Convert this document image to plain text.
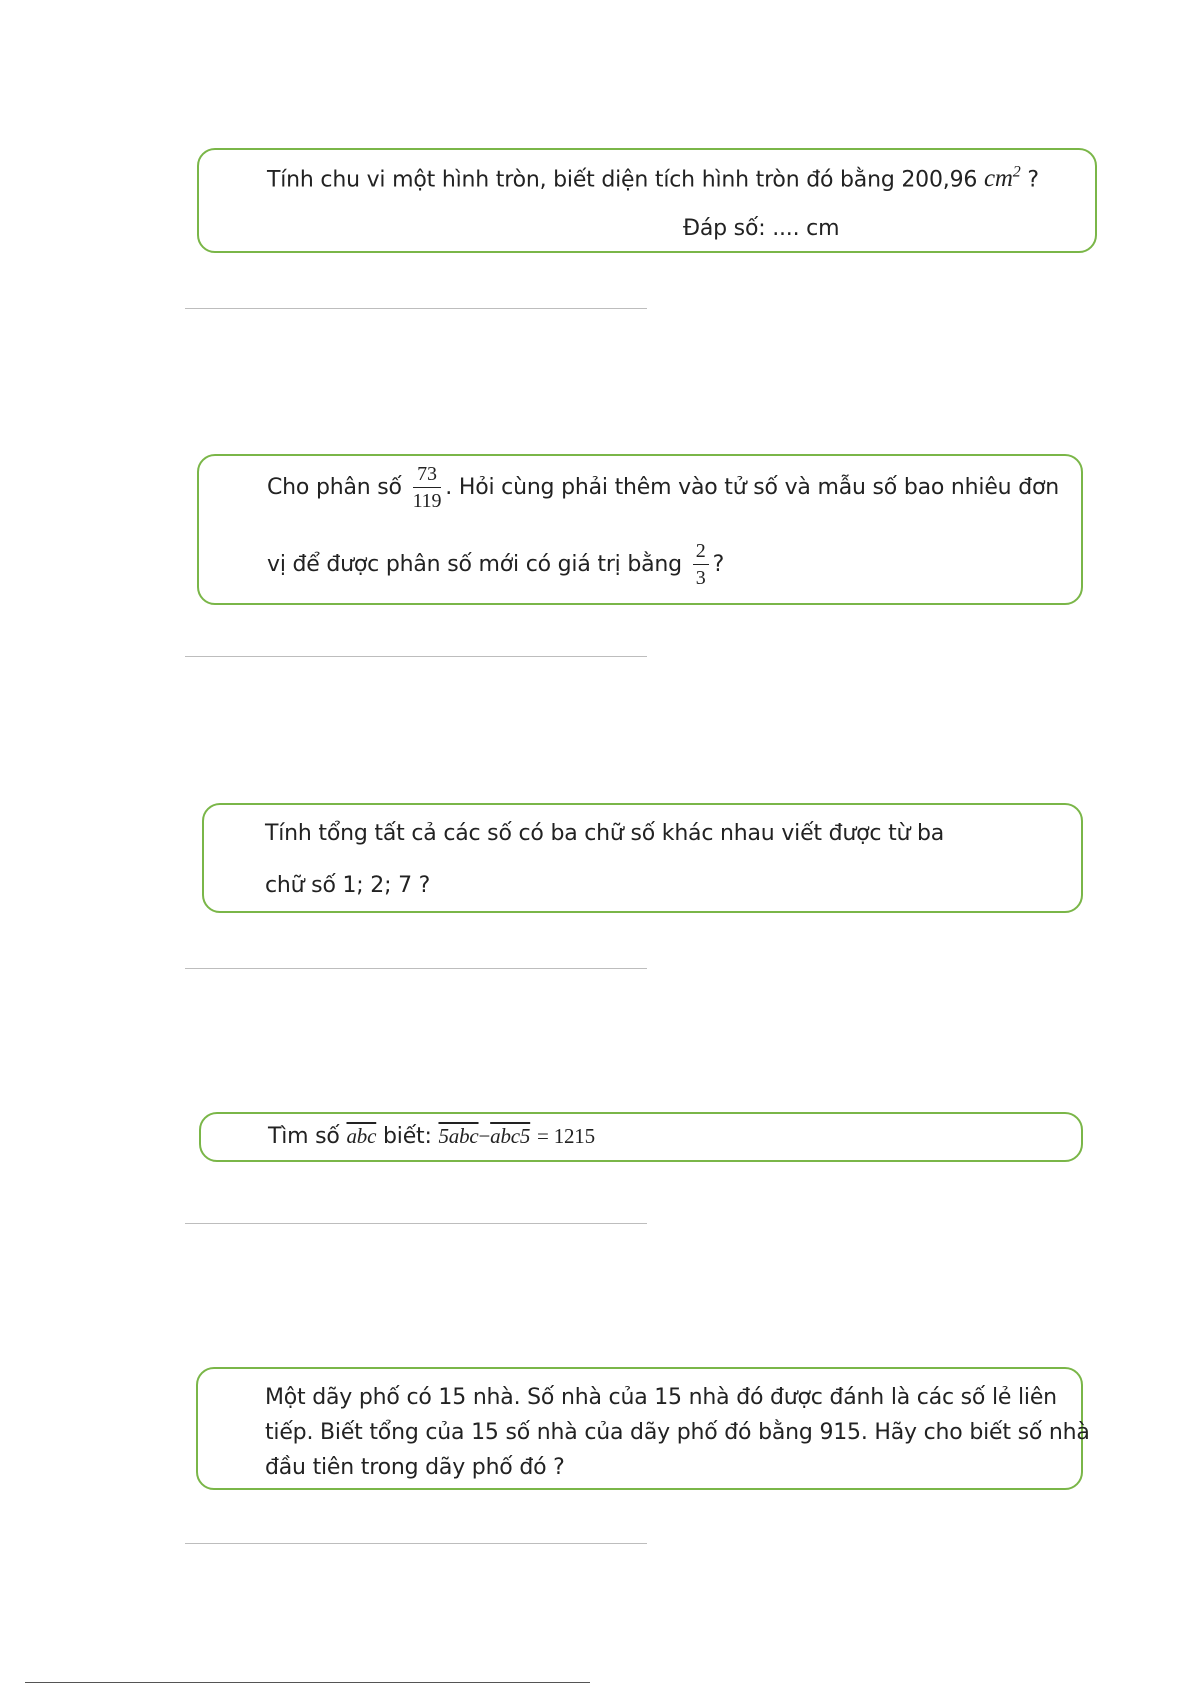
Tính chu vi một hình tròn, biết diện tích hình tròn đó bằng 200,96 $cm^2$ ?
Đáp số: .... cm
Cho phân số $\frac{73}{119}$ . Hỏi cùng phải thêm vào tử số và mẫu số bao nhiêu đơn
vị để được phân số mới có giá trị bằng $\frac{2}{3}$ ?
Tính tổng tất cả các số có ba chữ số khác nhau viết được từ ba
chữ số 1; 2; 7 ?
Tìm số $\overline{abc}$ biết: 5abc−abc5 = 1215
Một dãy phố có 15 nhà. Số nhà của 15 nhà đó được đánh là các số lẻ liên
tiếp. Biết tổng của 15 số nhà của dãy phố đó bằng 915. Hãy cho biết số nhà
đầu tiên trong dãy phố đó ?
